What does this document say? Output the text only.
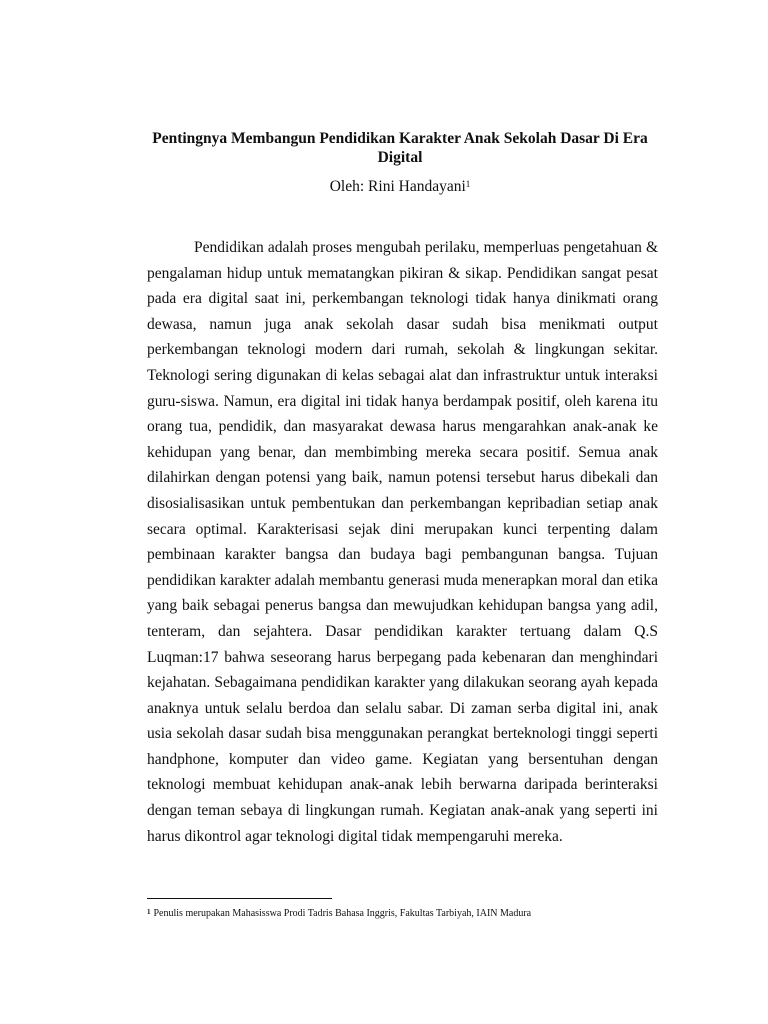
Pentingnya Membangun Pendidikan Karakter Anak Sekolah Dasar Di Era Digital
Oleh: Rini Handayani$^1$

Pendidikan adalah proses mengubah perilaku, memperluas pengetahuan & pengalaman hidup untuk mematangkan pikiran & sikap. Pendidikan sangat pesat pada era digital saat ini, perkembangan teknologi tidak hanya dinikmati orang dewasa, namun juga anak sekolah dasar sudah bisa menikmati output perkembangan teknologi modern dari rumah, sekolah & lingkungan sekitar. Teknologi sering digunakan di kelas sebagai alat dan infrastruktur untuk interaksi guru-siswa. Namun, era digital ini tidak hanya berdampak positif, oleh karena itu orang tua, pendidik, dan masyarakat dewasa harus mengarahkan anak-anak ke kehidupan yang benar, dan membimbing mereka secara positif. Semua anak dilahirkan dengan potensi yang baik, namun potensi tersebut harus dibekali dan disosialisasikan untuk pembentukan dan perkembangan kepribadian setiap anak secara optimal. Karakterisasi sejak dini merupakan kunci terpenting dalam pembinaan karakter bangsa dan budaya bagi pembangunan bangsa. Tujuan pendidikan karakter adalah membantu generasi muda menerapkan moral dan etika yang baik sebagai penerus bangsa dan mewujudkan kehidupan bangsa yang adil, tenteram, dan sejahtera. Dasar pendidikan karakter tertuang dalam Q.S Luqman:17 bahwa seseorang harus berpegang pada kebenaran dan menghindari kejahatan. Sebagaimana pendidikan karakter yang dilakukan seorang ayah kepada anaknya untuk selalu berdoa dan selalu sabar. Di zaman serba digital ini, anak usia sekolah dasar sudah bisa menggunakan perangkat berteknologi tinggi seperti handphone, komputer dan video game. Kegiatan yang bersentuhan dengan teknologi membuat kehidupan anak-anak lebih berwarna daripada berinteraksi dengan teman sebaya di lingkungan rumah. Kegiatan anak-anak yang seperti ini harus dikontrol agar teknologi digital tidak mempengaruhi mereka.

$^1$ Penulis merupakan Mahasisswa Prodi Tadris Bahasa Inggris, Fakultas Tarbiyah, IAIN Madura
